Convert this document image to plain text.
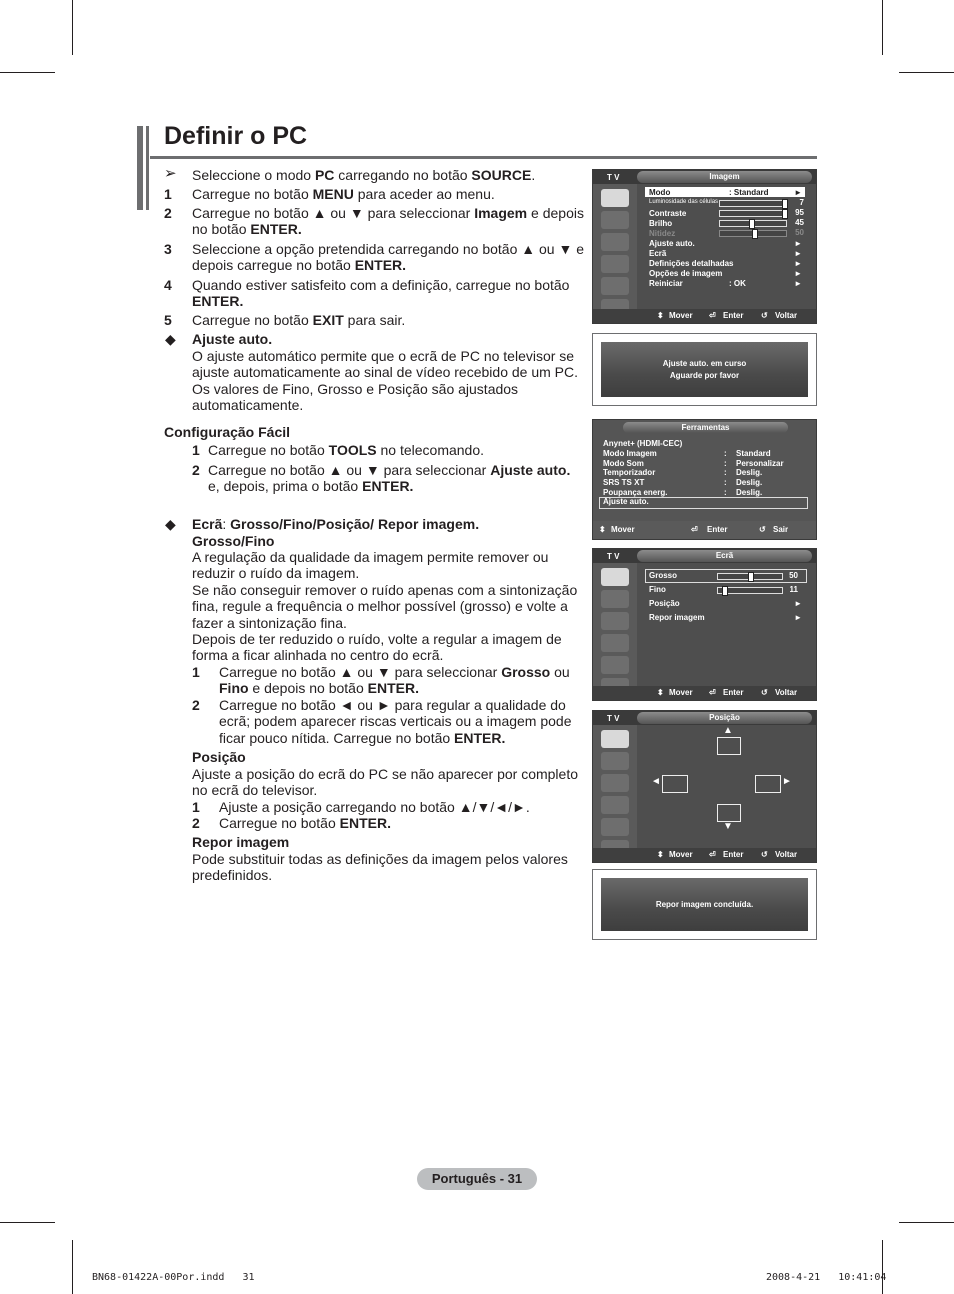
Definir o PC
➢ Seleccione o modo PC carregando no botão SOURCE.
1 Carregue no botão MENU para aceder ao menu.
2 Carregue no botão ▲ ou ▼ para seleccionar Imagem e depois
no botão ENTER.
3 Seleccione a opção pretendida carregando no botão ▲ ou ▼ e
depois carregue no botão ENTER.
4 Quando estiver satisfeito com a definição, carregue no botão
ENTER.
5 Carregue no botão EXIT para sair.
◆ Ajuste auto.
O ajuste automático permite que o ecrã de PC no televisor se
ajuste automaticamente ao sinal de vídeo recebido de um PC.
Os valores de Fino, Grosso e Posição são ajustados
automaticamente.
Configuração Fácil
1 Carregue no botão TOOLS no telecomando.
2 Carregue no botão ▲ ou ▼ para seleccionar Ajuste auto.
e, depois, prima o botão ENTER.
◆ Ecrã: Grosso/Fino/Posição/ Repor imagem.
Grosso/Fino
A regulação da qualidade da imagem permite remover ou
reduzir o ruído da imagem.
Se não conseguir remover o ruído apenas com a sintonização
fina, regule a frequência o melhor possível (grosso) e volte a
fazer a sintonização fina.
Depois de ter reduzido o ruído, volte a regular a imagem de
forma a ficar alinhada no centro do ecrã.
1 Carregue no botão ▲ ou ▼ para seleccionar Grosso ou
Fino e depois no botão ENTER.
2 Carregue no botão ◄ ou ► para regular a qualidade do
ecrã; podem aparecer riscas verticais ou a imagem pode
ficar pouco nítida. Carregue no botão ENTER.
Posição
Ajuste a posição do ecrã do PC se não aparecer por completo
no ecrã do televisor.
1 Ajuste a posição carregando no botão ▲/▼/◄/►.
2 Carregue no botão ENTER.
Repor imagem
Pode substituir todas as definições da imagem pelos valores
predefinidos.
T V	Imagem
Modo	: Standard	►
Luminosidade das células	7
Contraste	95
Brilho	45
Nitidez	50
Ajuste auto.	►
Ecrã	►
Definições detalhadas	►
Opções de imagem	►
Reiniciar	: OK	►
⬍ Mover ⏎ Enter ↺ Voltar
Ajuste auto. em curso
Aguarde por favor
Ferramentas
Anynet+ (HDMI-CEC)
Modo Imagem	: Standard
Modo Som	: Personalizar
Temporizador	: Deslig.
SRS TS XT	: Deslig.
Poupança energ.	: Deslig.
Ajuste auto.
⬍ Mover	⏎ Enter	↺ Sair
T V	Ecrã
Grosso	50
Fino	11
Posição	►
Repor imagem	►
⬍ Mover ⏎ Enter ↺ Voltar
T V	Posição
▲
◄	►
▼
⬍ Mover ⏎ Enter ↺ Voltar
Repor imagem concluída.
Português - 31
BN68-01422A-00Por.indd   31	2008-4-21   10:41:04
